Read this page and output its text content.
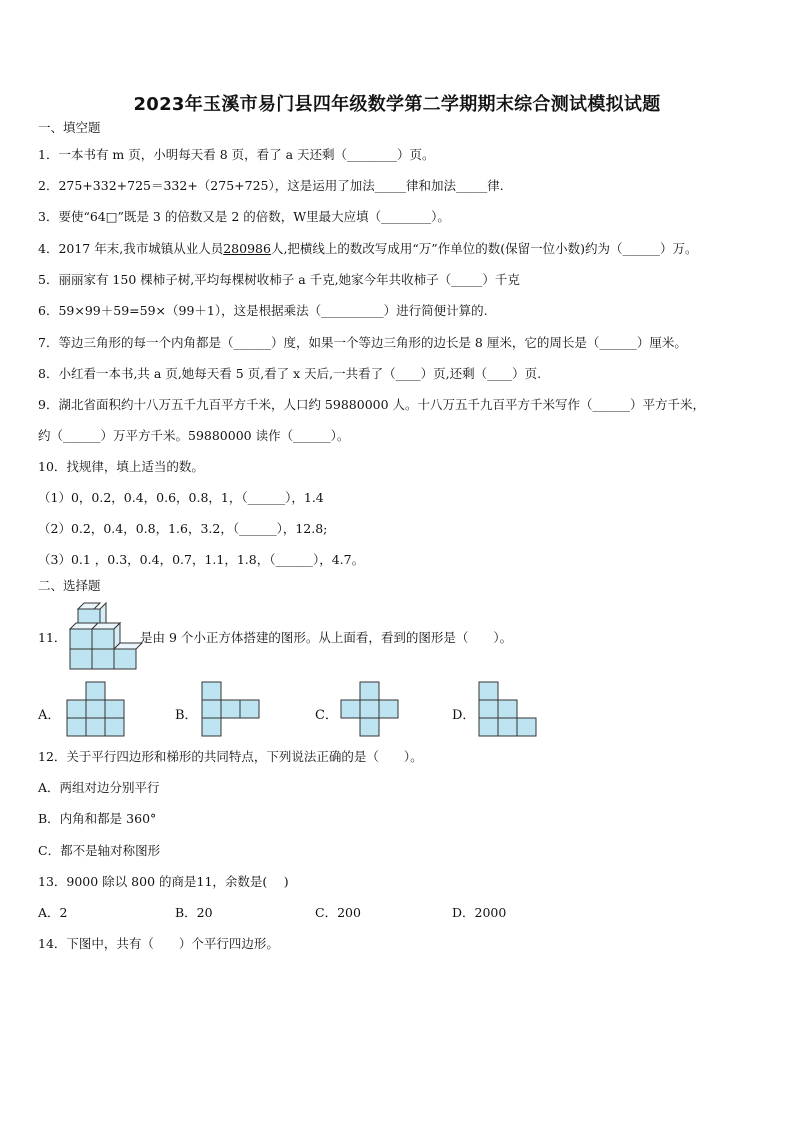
2023年玉溪市易门县四年级数学第二学期期末综合测试模拟试题
一、填空题
1．一本书有 m 页，小明每天看 8 页，看了 a 天还剩（________）页。
2．275+332+725＝332+（275+725），这是运用了加法_____律和加法_____律.
3．要使“64□”既是 3 的倍数又是 2 的倍数，W里最大应填（________）。
4．2017 年末,我市城镇从业人员280986人,把横线上的数改写成用“万”作单位的数(保留一位小数)约为（______）万。
5．丽丽家有 150 棵柿子树,平均每棵树收柿子 a 千克,她家今年共收柿子（_____）千克
6．59×99＋59=59×（99＋1），这是根据乘法（__________）进行简便计算的.
7．等边三角形的每一个内角都是（______）度，如果一个等边三角形的边长是 8 厘米，它的周长是（______）厘米。
8．小红看一本书,共 a 页,她每天看 5 页,看了 x 天后,一共看了（____）页,还剩（____）页.
9．湖北省面积约十八万五千九百平方千米，人口约 59880000 人。十八万五千九百平方千米写作（______）平方千米，
约（______）万平方千米。59880000 读作（______）。
10．找规律，填上适当的数。
（1）0，0.2，0.4，0.6，0.8，1，（______），1.4
（2）0.2，0.4，0.8，1.6，3.2，（______），12.8;
（3）0.1 ，0.3，0.4，0.7，1.1，1.8，（______），4.7。
二、选择题
11．	是由 9 个小正方体搭建的图形。从上面看，看到的图形是（　　）。
A．	B．	C．	D．
12．关于平行四边形和梯形的共同特点，下列说法正确的是（　　）。
A．两组对边分别平行
B．内角和都是 360°
C．都不是轴对称图形
13．9000 除以 800 的商是11，余数是(　 )
A．2	B．20	C．200	D．2000
14．下图中，共有（　　）个平行四边形。
